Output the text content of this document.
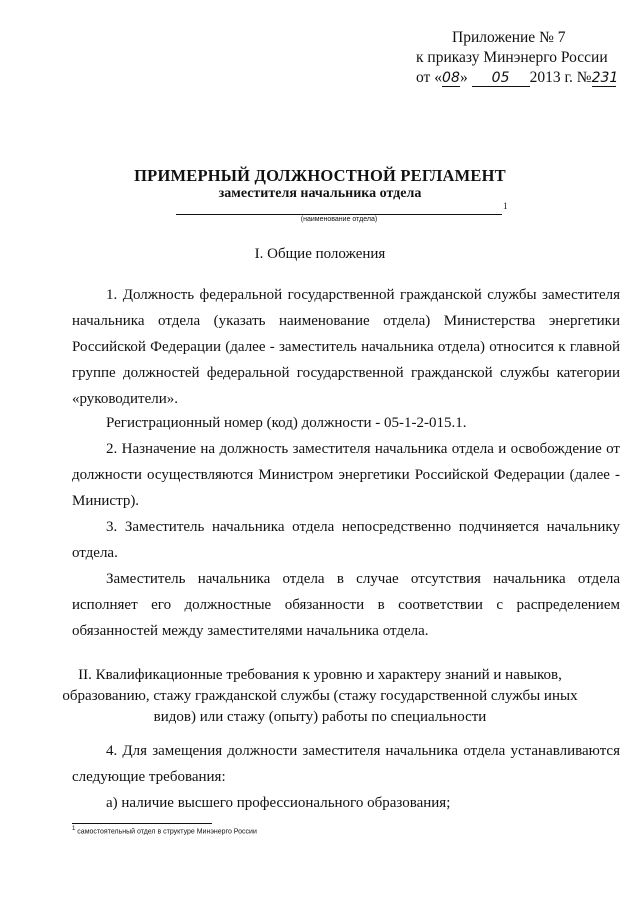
Приложение № 7
к приказу Минэнерго России
от «08» 05 2013 г. №231
ПРИМЕРНЫЙ ДОЛЖНОСТНОЙ РЕГЛАМЕНТ
заместителя начальника отдела
1
(наименование отдела)
I. Общие положения
1. Должность федеральной государственной гражданской службы заместителя начальника отдела (указать наименование отдела) Министерства энергетики Российской Федерации (далее - заместитель начальника отдела) относится к главной группе должностей федеральной государственной гражданской службы категории «руководители».
Регистрационный номер (код) должности - 05-1-2-015.1.
2. Назначение на должность заместителя начальника отдела и освобождение от должности осуществляются Министром энергетики Российской Федерации (далее - Министр).
3. Заместитель начальника отдела непосредственно подчиняется начальнику отдела.
Заместитель начальника отдела в случае отсутствия начальника отдела исполняет его должностные обязанности в соответствии с распределением обязанностей между заместителями начальника отдела.
II. Квалификационные требования к уровню и характеру знаний и навыков,
образованию, стажу гражданской службы (стажу государственной службы иных
видов) или стажу (опыту) работы по специальности
4. Для замещения должности заместителя начальника отдела устанавливаются следующие требования:
а) наличие высшего профессионального образования;
$^1$ самостоятельный отдел в структуре Минэнерго России
